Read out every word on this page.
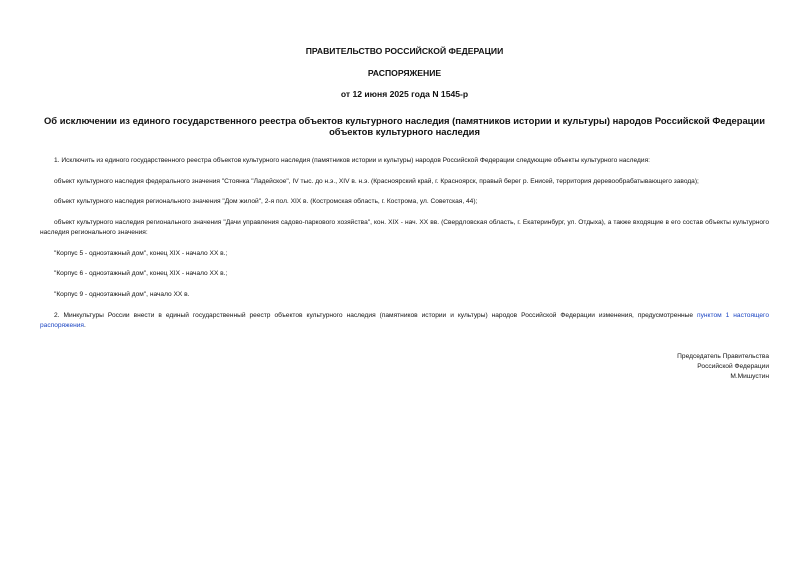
ПРАВИТЕЛЬСТВО РОССИЙСКОЙ ФЕДЕРАЦИИ

РАСПОРЯЖЕНИЕ

от 12 июня 2025 года N 1545-р

Об исключении из единого государственного реестра объектов культурного наследия (памятников истории и культуры) народов Российской Федерации

объектов культурного наследия

1. Исключить из единого государственного реестра объектов культурного наследия (памятников истории и культуры) народов Российской Федерации следующие объекты культурного наследия:

объект культурного наследия федерального значения "Стоянка "Ладейское", IV тыс. до н.э., XIV в. н.э. (Красноярский край, г. Красноярск, правый берег р. Енисей, территория деревообрабатывающего завода);

объект культурного наследия регионального значения "Дом жилой", 2-я пол. XIX в. (Костромская область, г. Кострома, ул. Советская, 44);

объект культурного наследия регионального значения "Дачи управления садово-паркового хозяйства", кон. XIX - нач. XX вв. (Свердловская область, г. Екатеринбург, ул. Отдыха), а также входящие в его состав объекты культурного наследия регионального значения:

"Корпус 5 - одноэтажный дом", конец XIX - начало XX в.;

"Корпус 6 - одноэтажный дом", конец XIX - начало XX в.;

"Корпус 9 - одноэтажный дом", начало XX в.

2. Минкультуры России внести в единый государственный реестр объектов культурного наследия (памятников истории и культуры) народов Российской Федерации изменения, предусмотренные пунктом 1 настоящего распоряжения.

Председатель Правительства
Российской Федерации
М.Мишустин
